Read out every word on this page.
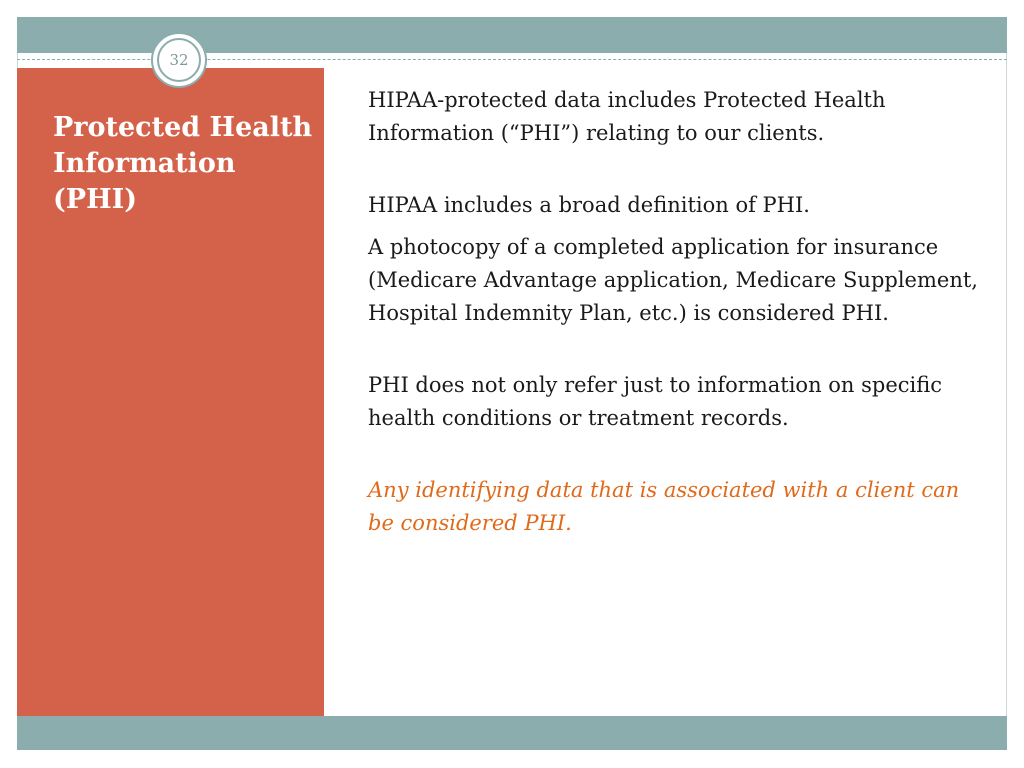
32
Protected Health Information (PHI)

HIPAA-protected data includes Protected Health Information (“PHI”) relating to our clients.

HIPAA includes a broad definition of PHI.

A photocopy of a completed application for insurance (Medicare Advantage application, Medicare Supplement, Hospital Indemnity Plan, etc.) is considered PHI.

PHI does not only refer just to information on specific health conditions or treatment records.

Any identifying data that is associated with a client can be considered PHI.
